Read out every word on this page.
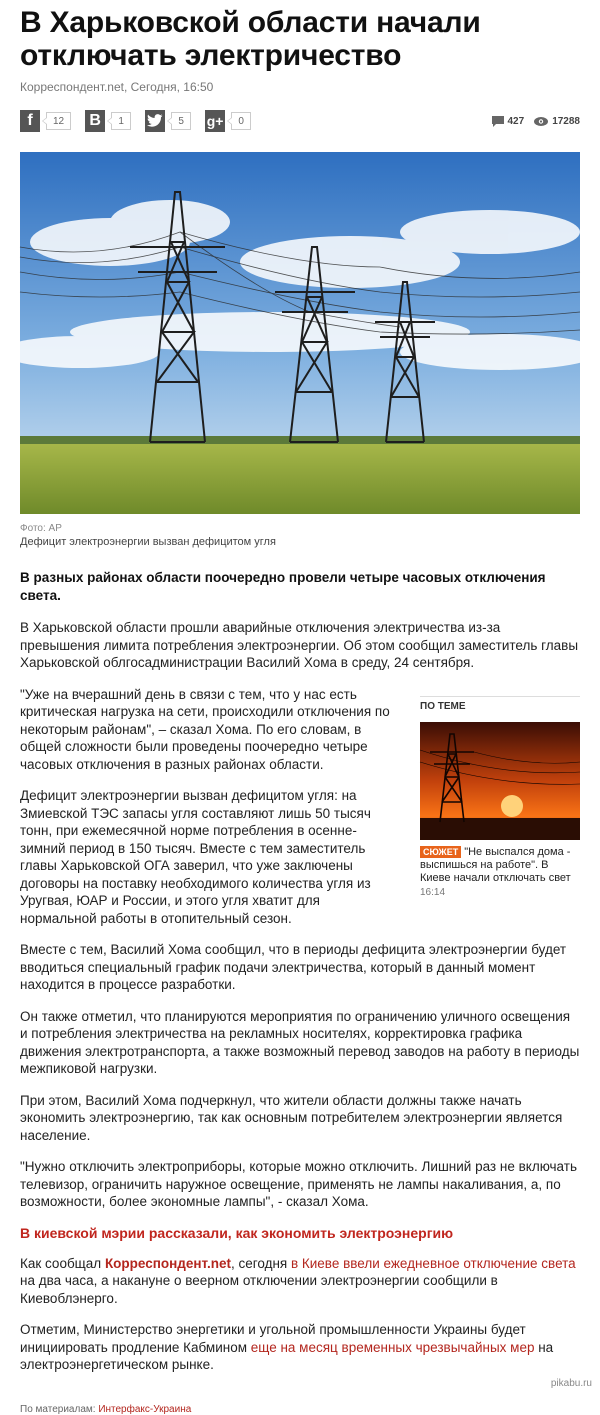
В Харьковской области начали отключать электричество
Корреспондент.net, Сегодня, 16:50
f	12	В	1	5	g+	0	427	17288
Фото: AP
Дефицит электроэнергии вызван дефицитом угля
В разных районах области поочередно провели четыре часовых отключения света.

В Харьковской области прошли аварийные отключения электричества из-за превышения лимита потребления электроэнергии. Об этом сообщил заместитель главы Харьковской облгосадминистрации Василий Хома в среду, 24 сентября.

"Уже на вчерашний день в связи с тем, что у нас есть критическая нагрузка на сети, происходили отключения по некоторым районам", – сказал Хома. По его словам, в общей сложности были проведены поочередно четыре часовых отключения в разных районах области.

Дефицит электроэнергии вызван дефицитом угля: на Змиевской ТЭС запасы угля составляют лишь 50 тысяч тонн, при ежемесячной норме потребления в осенне-зимний период в 150 тысяч. Вместе с тем заместитель главы Харьковской ОГА заверил, что уже заключены договоры на поставку необходимого количества угля из Уругвая, ЮАР и России, и этого угля хватит для нормальной работы в отопительный сезон.

ПО ТЕМЕ
СЮЖЕТ "Не выспался дома - выспишься на работе". В Киеве начали отключать свет
16:14

Вместе с тем, Василий Хома сообщил, что в периоды дефицита электроэнергии будет вводиться специальный график подачи электричества, который в данный момент находится в процессе разработки.

Он также отметил, что планируются мероприятия по ограничению уличного освещения и потребления электричества на рекламных носителях, корректировка графика движения электротранспорта, а также возможный перевод заводов на работу в периоды межпиковой нагрузки.

При этом, Василий Хома подчеркнул, что жители области должны также начать экономить электроэнергию, так как основным потребителем электроэнергии является население.

"Нужно отключить электроприборы, которые можно отключить. Лишний раз не включать телевизор, ограничить наружное освещение, применять не лампы накаливания, а, по возможности, более экономные лампы", - сказал Хома.

В киевской мэрии рассказали, как экономить электроэнергию

Как сообщал Корреспондент.net, сегодня в Киеве ввели ежедневное отключение света на два часа, а накануне о веерном отключении электроэнергии сообщили в Киевоблэнерго.

Отметим, Министерство энергетики и угольной промышленности Украины будет инициировать продление Кабмином еще на месяц временных чрезвычайных мер на электроэнергетическом рынке.

По материалам: Интерфакс-Украина
pikabu.ru
